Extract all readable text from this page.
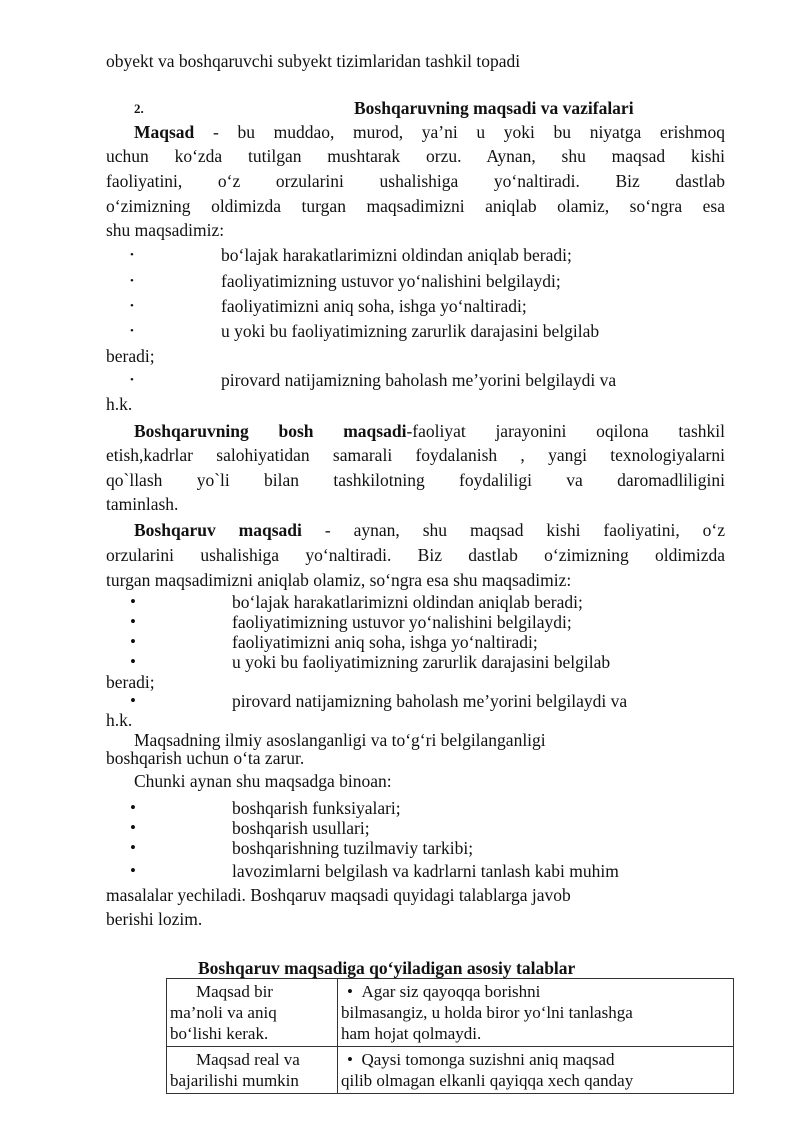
obyekt va boshqaruvchi subyekt tizimlaridan tashkil topadi
2.	Boshqaruvning maqsadi va vazifalari
Maqsad - bu muddao, murod, ya’ni u yoki bu niyatga erishmoq
uchun ko‘zda tutilgan mushtarak orzu. Aynan, shu maqsad kishi
faoliyatini, o‘z orzularini ushalishiga yo‘naltiradi. Biz dastlab
o‘zimizning oldimizda turgan maqsadimizni aniqlab olamiz, so‘ngra esa
shu maqsadimiz:
•	bo‘lajak harakatlarimizni oldindan aniqlab beradi;
•	faoliyatimizning ustuvor yo‘nalishini belgilaydi;
•	faoliyatimizni aniq soha, ishga yo‘naltiradi;
•	u yoki bu faoliyatimizning zarurlik darajasini belgilab
beradi;
•	pirovard natijamizning baholash me’yorini belgilaydi va
h.k.
Boshqaruvning bosh maqsadi-faoliyat jarayonini oqilona tashkil
etish,kadrlar salohiyatidan samarali foydalanish , yangi texnologiyalarni
qo`llash yo`li bilan tashkilotning foydaliligi va daromadliligini
taminlash.
Boshqaruv maqsadi - aynan, shu maqsad kishi faoliyatini, o‘z
orzularini ushalishiga yo‘naltiradi. Biz dastlab o‘zimizning oldimizda
turgan maqsadimizni aniqlab olamiz, so‘ngra esa shu maqsadimiz:
•	bo‘lajak harakatlarimizni oldindan aniqlab beradi;
•	faoliyatimizning ustuvor yo‘nalishini belgilaydi;
•	faoliyatimizni aniq soha, ishga yo‘naltiradi;
•	u yoki bu faoliyatimizning zarurlik darajasini belgilab
beradi;
•	pirovard natijamizning baholash me’yorini belgilaydi va
h.k.
Maqsadning ilmiy asoslanganligi va to‘g‘ri belgilanganligi
boshqarish uchun o‘ta zarur.
Chunki aynan shu maqsadga binoan:
•	boshqarish funksiyalari;
•	boshqarish usullari;
•	boshqarishning tuzilmaviy tarkibi;
•	lavozimlarni belgilash va kadrlarni tanlash kabi muhim
masalalar yechiladi. Boshqaruv maqsadi quyidagi talablarga javob
berishi lozim.
Boshqaruv maqsadiga qo‘yiladigan asosiy talablar
Maqsad bir
ma’noli va aniq
bo‘lishi kerak.	• Agar siz qayoqqa borishni
bilmasangiz, u holda biror yo‘lni tanlashga
ham hojat qolmaydi.

Maqsad real va
bajarilishi mumkin	• Qaysi tomonga suzishni aniq maqsad
qilib olmagan elkanli qayiqqa xech qanday
